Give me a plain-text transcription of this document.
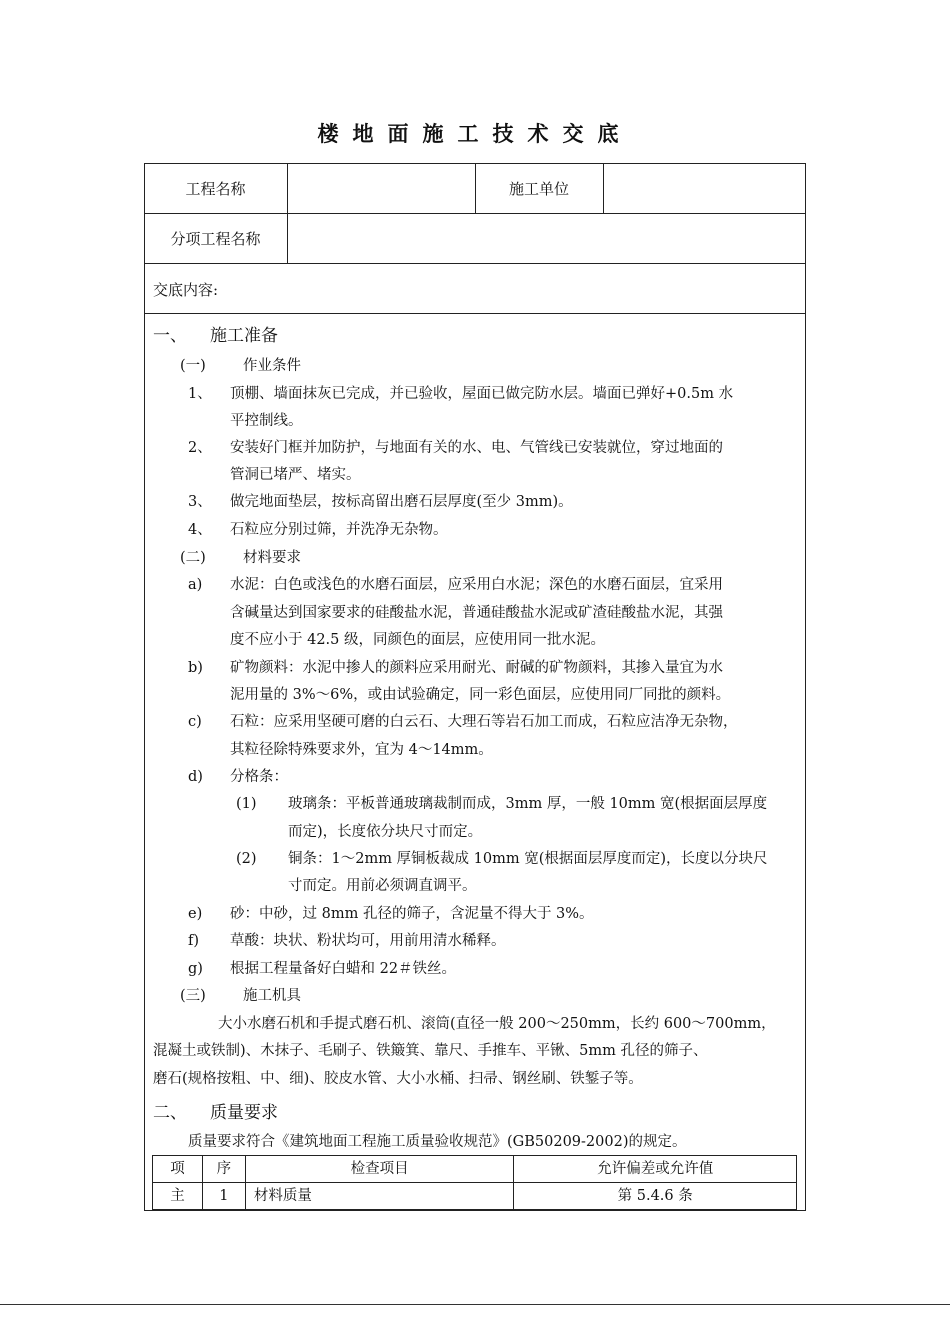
楼地面施工技术交底
工程名称	施工单位
分项工程名称
交底内容:
一、 施工准备
(一)	作业条件
1、 顶棚、墙面抹灰已完成，并已验收，屋面已做完防水层。墙面已弹好+0.5m 水
平控制线。
2、 安装好门框并加防护，与地面有关的水、电、气管线已安装就位，穿过地面的
管洞已堵严、堵实。
3、 做完地面垫层，按标高留出磨石层厚度(至少 3mm)。
4、 石粒应分别过筛，并洗净无杂物。
(二)	材料要求
a) 水泥：白色或浅色的水磨石面层，应采用白水泥；深色的水磨石面层，宜采用
含碱量达到国家要求的硅酸盐水泥，普通硅酸盐水泥或矿渣硅酸盐水泥，其强
度不应小于 42.5 级，同颜色的面层，应使用同一批水泥。
b) 矿物颜料：水泥中掺人的颜料应采用耐光、耐碱的矿物颜料，其掺入量宜为水
泥用量的 3%～6%，或由试验确定，同一彩色面层，应使用同厂同批的颜料。
c) 石粒：应采用坚硬可磨的白云石、大理石等岩石加工而成，石粒应洁净无杂物，
其粒径除特殊要求外，宜为 4～14mm。
d) 分格条：
(1) 玻璃条：平板普通玻璃裁制而成，3mm 厚，一般 10mm 宽(根据面层厚度
而定)，长度依分块尺寸而定。
(2) 铜条：1～2mm 厚铜板裁成 10mm 宽(根据面层厚度而定)，长度以分块尺
寸而定。用前必须调直调平。
e) 砂：中砂，过 8mm 孔径的筛子，含泥量不得大于 3%。
f) 草酸：块状、粉状均可，用前用清水稀释。
g) 根据工程量备好白蜡和 22＃铁丝。
(三)	施工机具
大小水磨石机和手提式磨石机、滚筒(直径一般 200～250mm，长约 600～700mm，
混凝土或铁制)、木抹子、毛刷子、铁簸箕、靠尺、手推车、平锹、5mm 孔径的筛子、
磨石(规格按粗、中、细)、胶皮水管、大小水桶、扫帚、钢丝刷、铁錾子等。
二、 质量要求
质量要求符合《建筑地面工程施工质量验收规范》(GB50209-2002)的规定。
项	序	检查项目	允许偏差或允许值
主	1	材料质量	第 5.4.6 条
